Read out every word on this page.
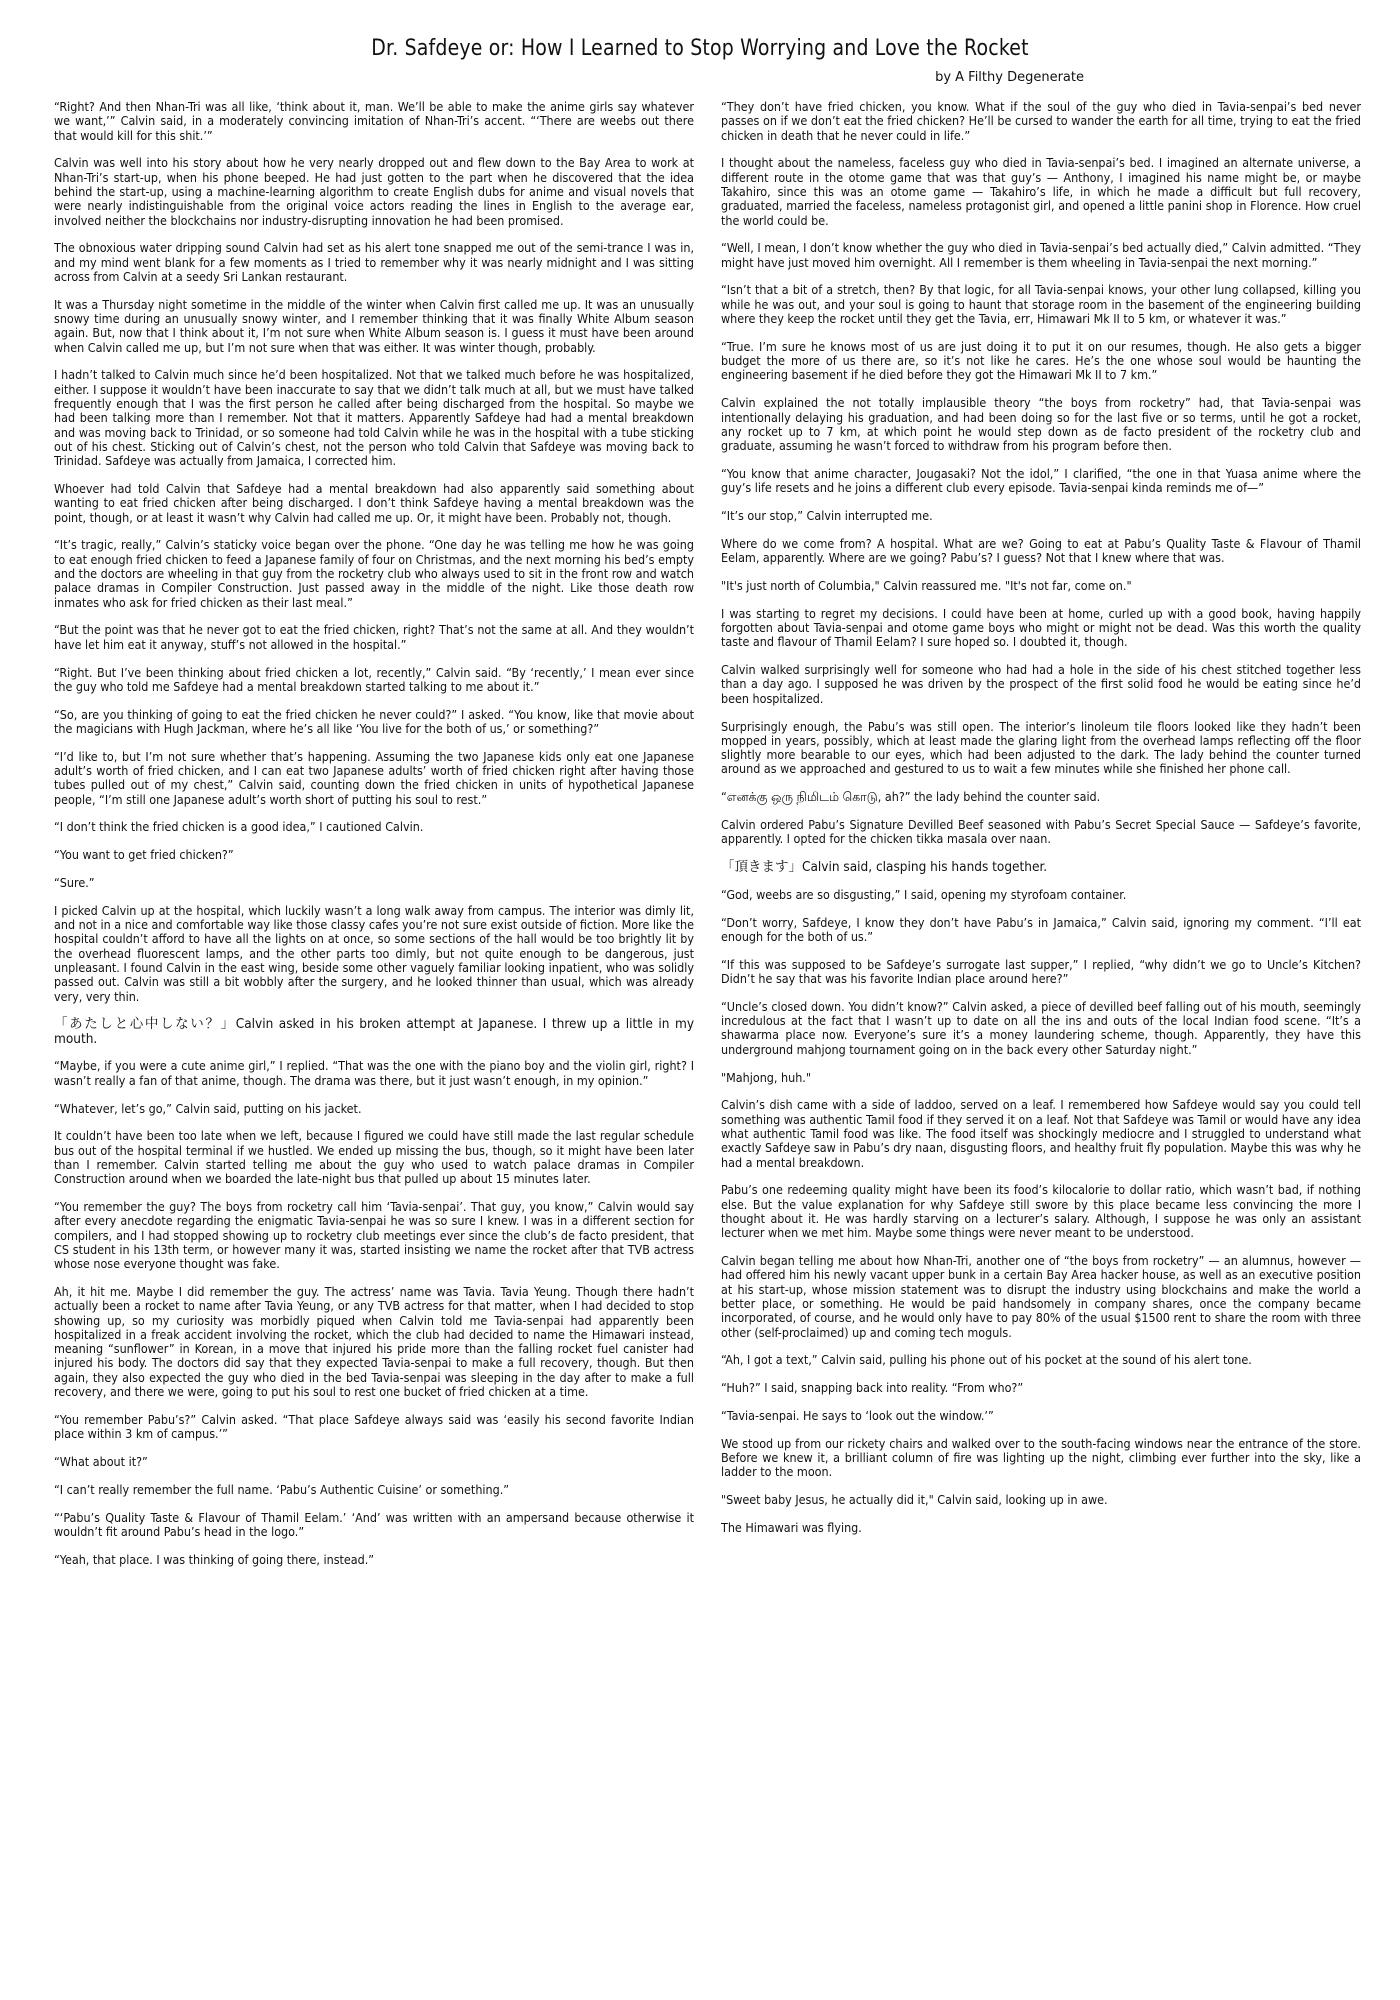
Dr. Safdeye or: How I Learned to Stop Worrying and Love the Rocket
by A Filthy Degenerate

“Right? And then Nhan-Tri was all like, ‘think about it, man. We’ll be able to make the anime girls say whatever we want,’” Calvin said, in a moderately convincing imitation of Nhan-Tri’s accent. “‘There are weebs out there that would kill for this shit.’”

Calvin was well into his story about how he very nearly dropped out and flew down to the Bay Area to work at Nhan-Tri’s start-up, when his phone beeped. He had just gotten to the part when he discovered that the idea behind the start-up, using a machine-learning algorithm to create English dubs for anime and visual novels that were nearly indistinguishable from the original voice actors reading the lines in English to the average ear, involved neither the blockchains nor industry-disrupting innovation he had been promised.

The obnoxious water dripping sound Calvin had set as his alert tone snapped me out of the semi-trance I was in, and my mind went blank for a few moments as I tried to remember why it was nearly midnight and I was sitting across from Calvin at a seedy Sri Lankan restaurant.

It was a Thursday night sometime in the middle of the winter when Calvin first called me up. It was an unusually snowy time during an unusually snowy winter, and I remember thinking that it was finally White Album season again. But, now that I think about it, I’m not sure when White Album season is. I guess it must have been around when Calvin called me up, but I’m not sure when that was either. It was winter though, probably.

I hadn’t talked to Calvin much since he’d been hospitalized. Not that we talked much before he was hospitalized, either. I suppose it wouldn’t have been inaccurate to say that we didn’t talk much at all, but we must have talked frequently enough that I was the first person he called after being discharged from the hospital. So maybe we had been talking more than I remember. Not that it matters. Apparently Safdeye had had a mental breakdown and was moving back to Trinidad, or so someone had told Calvin while he was in the hospital with a tube sticking out of his chest. Sticking out of Calvin’s chest, not the person who told Calvin that Safdeye was moving back to Trinidad. Safdeye was actually from Jamaica, I corrected him.

Whoever had told Calvin that Safdeye had a mental breakdown had also apparently said something about wanting to eat fried chicken after being discharged. I don’t think Safdeye having a mental breakdown was the point, though, or at least it wasn’t why Calvin had called me up. Or, it might have been. Probably not, though.

“It’s tragic, really,” Calvin’s staticky voice began over the phone. “One day he was telling me how he was going to eat enough fried chicken to feed a Japanese family of four on Christmas, and the next morning his bed’s empty and the doctors are wheeling in that guy from the rocketry club who always used to sit in the front row and watch palace dramas in Compiler Construction. Just passed away in the middle of the night. Like those death row inmates who ask for fried chicken as their last meal.”

“But the point was that he never got to eat the fried chicken, right? That’s not the same at all. And they wouldn’t have let him eat it anyway, stuff’s not allowed in the hospital.”

“Right. But I’ve been thinking about fried chicken a lot, recently,” Calvin said. “By ‘recently,’ I mean ever since the guy who told me Safdeye had a mental breakdown started talking to me about it.”

“So, are you thinking of going to eat the fried chicken he never could?” I asked. “You know, like that movie about the magicians with Hugh Jackman, where he’s all like ‘You live for the both of us,’ or something?”

“I’d like to, but I’m not sure whether that’s happening. Assuming the two Japanese kids only eat one Japanese adult’s worth of fried chicken, and I can eat two Japanese adults’ worth of fried chicken right after having those tubes pulled out of my chest,” Calvin said, counting down the fried chicken in units of hypothetical Japanese people, “I’m still one Japanese adult’s worth short of putting his soul to rest.”

“I don’t think the fried chicken is a good idea,” I cautioned Calvin.

“You want to get fried chicken?”

“Sure.”

I picked Calvin up at the hospital, which luckily wasn’t a long walk away from campus. The interior was dimly lit, and not in a nice and comfortable way like those classy cafes you’re not sure exist outside of fiction. More like the hospital couldn’t afford to have all the lights on at once, so some sections of the hall would be too brightly lit by the overhead fluorescent lamps, and the other parts too dimly, but not quite enough to be dangerous, just unpleasant. I found Calvin in the east wing, beside some other vaguely familiar looking inpatient, who was solidly passed out. Calvin was still a bit wobbly after the surgery, and he looked thinner than usual, which was already very, very thin.

「あたしと心中しない？」Calvin asked in his broken attempt at Japanese. I threw up a little in my mouth.

“Maybe, if you were a cute anime girl,” I replied. “That was the one with the piano boy and the violin girl, right? I wasn’t really a fan of that anime, though. The drama was there, but it just wasn’t enough, in my opinion.”

“Whatever, let’s go,” Calvin said, putting on his jacket.

It couldn’t have been too late when we left, because I figured we could have still made the last regular schedule bus out of the hospital terminal if we hustled. We ended up missing the bus, though, so it might have been later than I remember. Calvin started telling me about the guy who used to watch palace dramas in Compiler Construction around when we boarded the late-night bus that pulled up about 15 minutes later.

“You remember the guy? The boys from rocketry call him ‘Tavia-senpai’. That guy, you know,” Calvin would say after every anecdote regarding the enigmatic Tavia-senpai he was so sure I knew. I was in a different section for compilers, and I had stopped showing up to rocketry club meetings ever since the club’s de facto president, that CS student in his 13th term, or however many it was, started insisting we name the rocket after that TVB actress whose nose everyone thought was fake.

Ah, it hit me. Maybe I did remember the guy. The actress’ name was Tavia. Tavia Yeung. Though there hadn’t actually been a rocket to name after Tavia Yeung, or any TVB actress for that matter, when I had decided to stop showing up, so my curiosity was morbidly piqued when Calvin told me Tavia-senpai had apparently been hospitalized in a freak accident involving the rocket, which the club had decided to name the Himawari instead, meaning “sunflower” in Korean, in a move that injured his pride more than the falling rocket fuel canister had injured his body. The doctors did say that they expected Tavia-senpai to make a full recovery, though. But then again, they also expected the guy who died in the bed Tavia-senpai was sleeping in the day after to make a full recovery, and there we were, going to put his soul to rest one bucket of fried chicken at a time.

“You remember Pabu’s?” Calvin asked. “That place Safdeye always said was ‘easily his second favorite Indian place within 3 km of campus.’”

“What about it?”

“I can’t really remember the full name. ‘Pabu’s Authentic Cuisine’ or something.”

“‘Pabu’s Quality Taste & Flavour of Thamil Eelam.’ ‘And’ was written with an ampersand because otherwise it wouldn’t fit around Pabu’s head in the logo.”

“Yeah, that place. I was thinking of going there, instead.”

“They don’t have fried chicken, you know. What if the soul of the guy who died in Tavia-senpai’s bed never passes on if we don’t eat the fried chicken? He’ll be cursed to wander the earth for all time, trying to eat the fried chicken in death that he never could in life.”

I thought about the nameless, faceless guy who died in Tavia-senpai’s bed. I imagined an alternate universe, a different route in the otome game that was that guy’s — Anthony, I imagined his name might be, or maybe Takahiro, since this was an otome game — Takahiro’s life, in which he made a difficult but full recovery, graduated, married the faceless, nameless protagonist girl, and opened a little panini shop in Florence. How cruel the world could be.

“Well, I mean, I don’t know whether the guy who died in Tavia-senpai’s bed actually died,” Calvin admitted. “They might have just moved him overnight. All I remember is them wheeling in Tavia-senpai the next morning.”

“Isn’t that a bit of a stretch, then? By that logic, for all Tavia-senpai knows, your other lung collapsed, killing you while he was out, and your soul is going to haunt that storage room in the basement of the engineering building where they keep the rocket until they get the Tavia, err, Himawari Mk II to 5 km, or whatever it was.”

“True. I’m sure he knows most of us are just doing it to put it on our resumes, though. He also gets a bigger budget the more of us there are, so it’s not like he cares. He’s the one whose soul would be haunting the engineering basement if he died before they got the Himawari Mk II to 7 km.”

Calvin explained the not totally implausible theory “the boys from rocketry” had, that Tavia-senpai was intentionally delaying his graduation, and had been doing so for the last five or so terms, until he got a rocket, any rocket up to 7 km, at which point he would step down as de facto president of the rocketry club and graduate, assuming he wasn’t forced to withdraw from his program before then.

“You know that anime character, Jougasaki? Not the idol,” I clarified, “the one in that Yuasa anime where the guy’s life resets and he joins a different club every episode. Tavia-senpai kinda reminds me of—”

“It’s our stop,” Calvin interrupted me.

Where do we come from? A hospital. What are we? Going to eat at Pabu’s Quality Taste & Flavour of Thamil Eelam, apparently. Where are we going? Pabu’s? I guess? Not that I knew where that was.

"It's just north of Columbia," Calvin reassured me. "It's not far, come on."

I was starting to regret my decisions. I could have been at home, curled up with a good book, having happily forgotten about Tavia-senpai and otome game boys who might or might not be dead. Was this worth the quality taste and flavour of Thamil Eelam? I sure hoped so. I doubted it, though.

Calvin walked surprisingly well for someone who had had a hole in the side of his chest stitched together less than a day ago. I supposed he was driven by the prospect of the first solid food he would be eating since he’d been hospitalized.

Surprisingly enough, the Pabu’s was still open. The interior’s linoleum tile floors looked like they hadn’t been mopped in years, possibly, which at least made the glaring light from the overhead lamps reflecting off the floor slightly more bearable to our eyes, which had been adjusted to the dark. The lady behind the counter turned around as we approached and gestured to us to wait a few minutes while she finished her phone call.

“எனக்கு ஒரு நிமிடம் கொடு, ah?” the lady behind the counter said.

Calvin ordered Pabu’s Signature Devilled Beef seasoned with Pabu’s Secret Special Sauce — Safdeye’s favorite, apparently. I opted for the chicken tikka masala over naan.

「頂きます」Calvin said, clasping his hands together.

“God, weebs are so disgusting,” I said, opening my styrofoam container.

“Don’t worry, Safdeye, I know they don’t have Pabu’s in Jamaica,” Calvin said, ignoring my comment. “I’ll eat enough for the both of us.”

“If this was supposed to be Safdeye’s surrogate last supper,” I replied, “why didn’t we go to Uncle’s Kitchen? Didn’t he say that was his favorite Indian place around here?”

“Uncle’s closed down. You didn’t know?” Calvin asked, a piece of devilled beef falling out of his mouth, seemingly incredulous at the fact that I wasn’t up to date on all the ins and outs of the local Indian food scene. “It’s a shawarma place now. Everyone’s sure it’s a money laundering scheme, though. Apparently, they have this underground mahjong tournament going on in the back every other Saturday night.”

"Mahjong, huh."

Calvin’s dish came with a side of laddoo, served on a leaf. I remembered how Safdeye would say you could tell something was authentic Tamil food if they served it on a leaf. Not that Safdeye was Tamil or would have any idea what authentic Tamil food was like. The food itself was shockingly mediocre and I struggled to understand what exactly Safdeye saw in Pabu’s dry naan, disgusting floors, and healthy fruit fly population. Maybe this was why he had a mental breakdown.

Pabu’s one redeeming quality might have been its food’s kilocalorie to dollar ratio, which wasn’t bad, if nothing else. But the value explanation for why Safdeye still swore by this place became less convincing the more I thought about it. He was hardly starving on a lecturer’s salary. Although, I suppose he was only an assistant lecturer when we met him. Maybe some things were never meant to be understood.

Calvin began telling me about how Nhan-Tri, another one of “the boys from rocketry” — an alumnus, however — had offered him his newly vacant upper bunk in a certain Bay Area hacker house, as well as an executive position at his start-up, whose mission statement was to disrupt the industry using blockchains and make the world a better place, or something. He would be paid handsomely in company shares, once the company became incorporated, of course, and he would only have to pay 80% of the usual $1500 rent to share the room with three other (self-proclaimed) up and coming tech moguls.

“Ah, I got a text,” Calvin said, pulling his phone out of his pocket at the sound of his alert tone.

“Huh?” I said, snapping back into reality. “From who?”

“Tavia-senpai. He says to ‘look out the window.’”

We stood up from our rickety chairs and walked over to the south-facing windows near the entrance of the store. Before we knew it, a brilliant column of fire was lighting up the night, climbing ever further into the sky, like a ladder to the moon.

"Sweet baby Jesus, he actually did it," Calvin said, looking up in awe.

The Himawari was flying.
